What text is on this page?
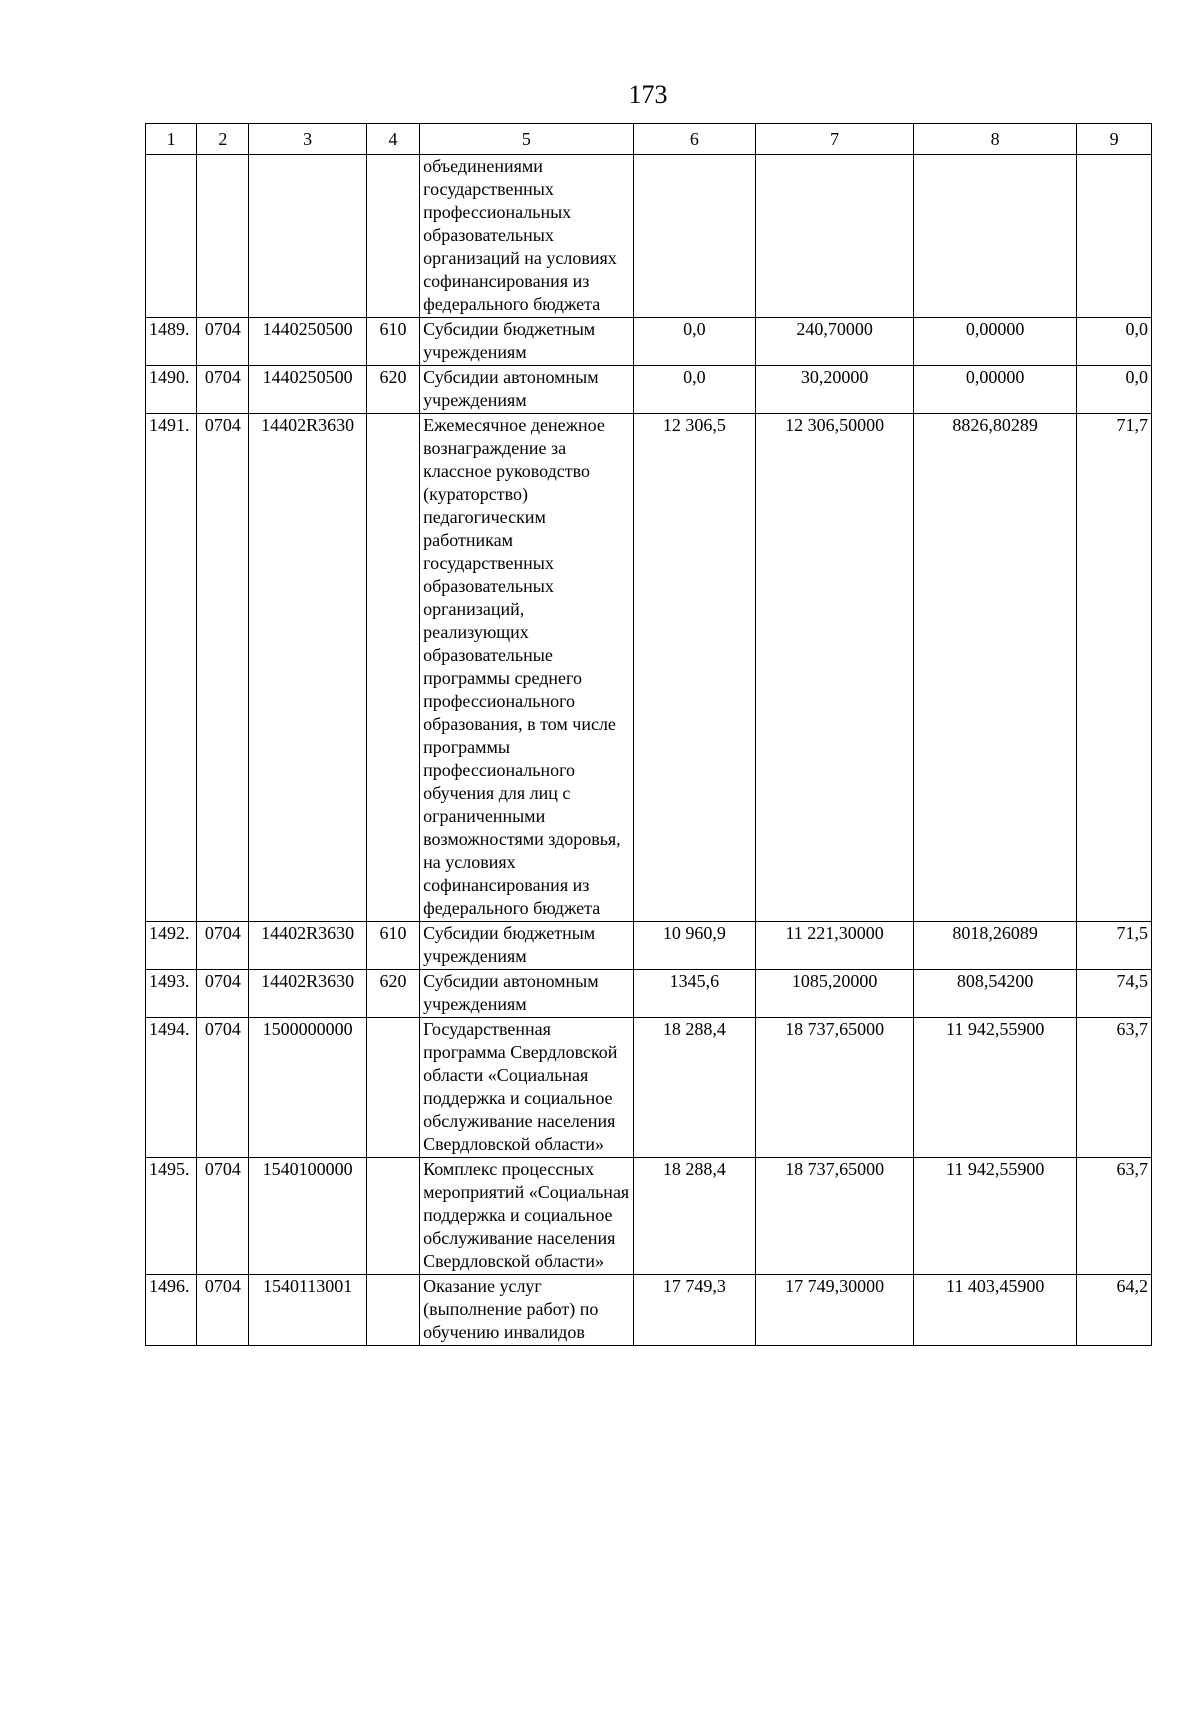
173
1	2	3	4	5	6	7	8	9
				объединениями государственных профессиональных образовательных организаций на условиях софинансирования из федерального бюджета				
1489.	0704	1440250500	610	Субсидии бюджетным учреждениям	0,0	240,70000	0,00000	0,0
1490.	0704	1440250500	620	Субсидии автономным учреждениям	0,0	30,20000	0,00000	0,0
1491.	0704	14402R3630		Ежемесячное денежное вознаграждение за классное руководство (кураторство) педагогическим работникам государственных образовательных организаций, реализующих образовательные программы среднего профессионального образования, в том числе программы профессионального обучения для лиц с ограниченными возможностями здоровья, на условиях софинансирования из федерального бюджета	12 306,5	12 306,50000	8826,80289	71,7
1492.	0704	14402R3630	610	Субсидии бюджетным учреждениям	10 960,9	11 221,30000	8018,26089	71,5
1493.	0704	14402R3630	620	Субсидии автономным учреждениям	1345,6	1085,20000	808,54200	74,5
1494.	0704	1500000000		Государственная программа Свердловской области «Социальная поддержка и социальное обслуживание населения Свердловской области»	18 288,4	18 737,65000	11 942,55900	63,7
1495.	0704	1540100000		Комплекс процессных мероприятий «Социальная поддержка и социальное обслуживание населения Свердловской области»	18 288,4	18 737,65000	11 942,55900	63,7
1496.	0704	1540113001		Оказание услуг (выполнение работ) по обучению инвалидов	17 749,3	17 749,30000	11 403,45900	64,2
